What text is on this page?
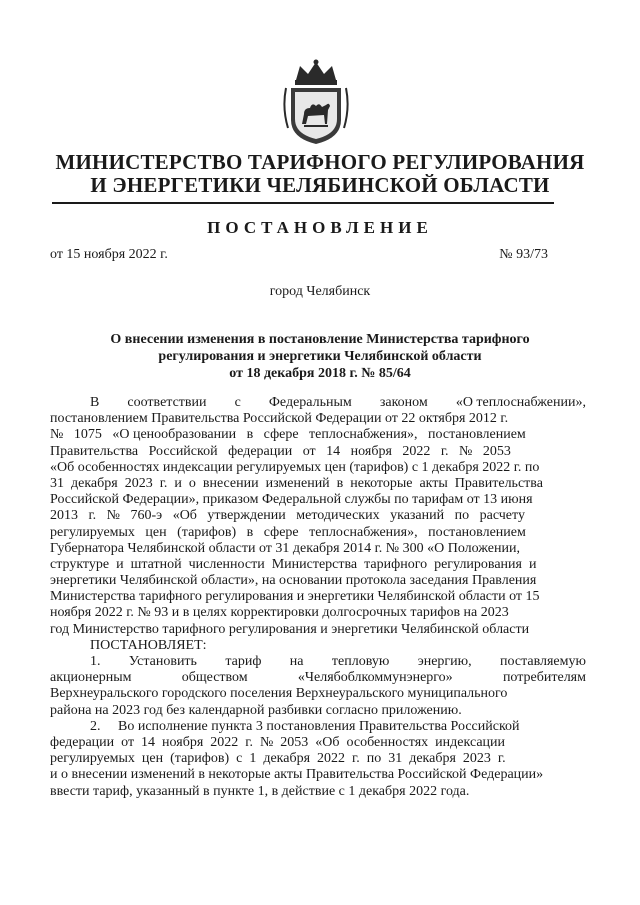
МИНИСТЕРСТВО ТАРИФНОГО РЕГУЛИРОВАНИЯ
И ЭНЕРГЕТИКИ ЧЕЛЯБИНСКОЙ ОБЛАСТИ
ПОСТАНОВЛЕНИЕ
от 15 ноября 2022 г.	№ 93/73
город Челябинск
О внесении изменения в постановление Министерства тарифного
регулирования и энергетики Челябинской области
от 18 декабря 2018 г. № 85/64
В соответствии с Федеральным законом «О теплоснабжении»,
постановлением Правительства Российской Федерации от 22 октября 2012 г.
№   1075   «О ценообразовании   в   сфере   теплоснабжения»,   постановлением
Правительства   Российской   федерации   от   14   ноября   2022   г.   №   2053
«Об особенностях индексации регулируемых цен (тарифов) с 1 декабря 2022 г. по
31  декабря  2023  г.  и  о  внесении  изменений  в  некоторые  акты  Правительства
Российской Федерации», приказом Федеральной службы по тарифам от 13 июня
2013   г.   №   760-э   «Об   утверждении   методических   указаний   по   расчету
регулируемых   цен   (тарифов)   в   сфере   теплоснабжения»,   постановлением
Губернатора Челябинской области от 31 декабря 2014 г. № 300 «О Положении,
структуре  и  штатной  численности  Министерства  тарифного  регулирования  и
энергетики Челябинской области», на основании протокола заседания Правления
Министерства тарифного регулирования и энергетики Челябинской области от 15
ноября 2022 г. № 93 и в целях корректировки долгосрочных тарифов на 2023
год Министерство тарифного регулирования и энергетики Челябинской области
ПОСТАНОВЛЯЕТ:
1. Установить тариф на тепловую энергию, поставляемую
акционерным	обществом	«Челябоблкоммунэнерго»	потребителям
Верхнеуральского городского поселения Верхнеуральского муниципального
района на 2023 год без календарной разбивки согласно приложению.
2.     Во исполнение пункта 3 постановления Правительства Российской
федерации  от  14  ноября  2022  г.  №  2053  «Об  особенностях  индексации
регулируемых  цен  (тарифов)  с  1  декабря  2022  г.  по  31  декабря  2023  г.
и о внесении изменений в некоторые акты Правительства Российской Федерации»
ввести тариф, указанный в пункте 1, в действие с 1 декабря 2022 года.
